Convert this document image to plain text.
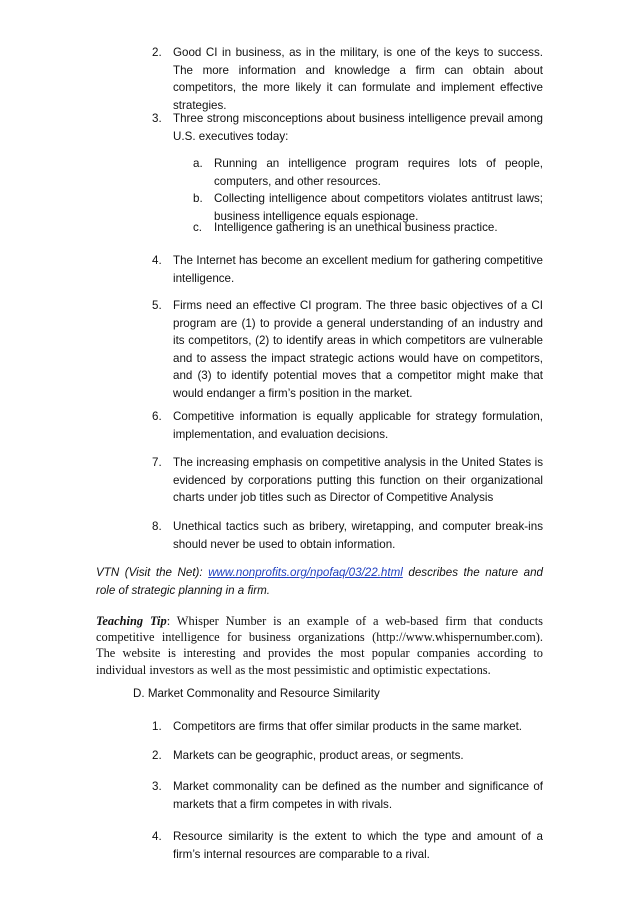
2. Good CI in business, as in the military, is one of the keys to success. The more information and knowledge a firm can obtain about competitors, the more likely it can formulate and implement effective strategies.
3. Three strong misconceptions about business intelligence prevail among U.S. executives today:
a. Running an intelligence program requires lots of people, computers, and other resources.
b. Collecting intelligence about competitors violates antitrust laws; business intelligence equals espionage.
c. Intelligence gathering is an unethical business practice.
4. The Internet has become an excellent medium for gathering competitive intelligence.
5. Firms need an effective CI program. The three basic objectives of a CI program are (1) to provide a general understanding of an industry and its competitors, (2) to identify areas in which competitors are vulnerable and to assess the impact strategic actions would have on competitors, and (3) to identify potential moves that a competitor might make that would endanger a firm’s position in the market.
6. Competitive information is equally applicable for strategy formulation, implementation, and evaluation decisions.
7. The increasing emphasis on competitive analysis in the United States is evidenced by corporations putting this function on their organizational charts under job titles such as Director of Competitive Analysis
8. Unethical tactics such as bribery, wiretapping, and computer break-ins should never be used to obtain information.
VTN (Visit the Net): www.nonprofits.org/npofaq/03/22.html describes the nature and role of strategic planning in a firm.
Teaching Tip: Whisper Number is an example of a web-based firm that conducts competitive intelligence for business organizations (http://www.whispernumber.com). The website is interesting and provides the most popular companies according to individual investors as well as the most pessimistic and optimistic expectations.
D. Market Commonality and Resource Similarity
1. Competitors are firms that offer similar products in the same market.
2. Markets can be geographic, product areas, or segments.
3. Market commonality can be defined as the number and significance of markets that a firm competes in with rivals.
4. Resource similarity is the extent to which the type and amount of a firm’s internal resources are comparable to a rival.
